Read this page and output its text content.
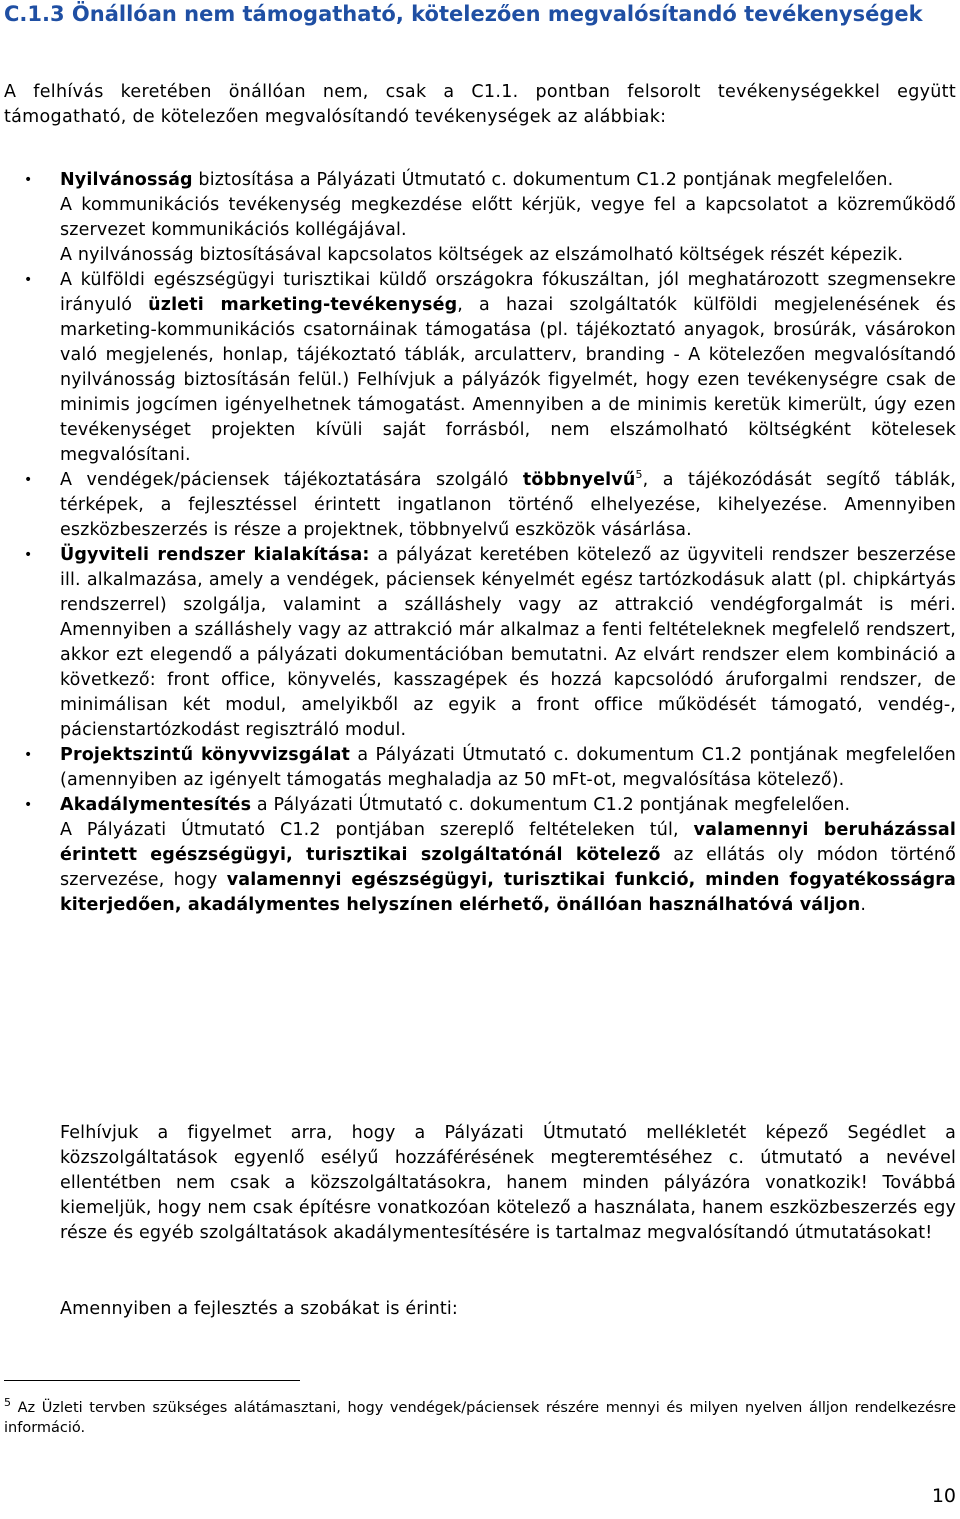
C.1.3 Önállóan nem támogatható, kötelezően megvalósítandó tevékenységek

A felhívás keretében önállóan nem, csak a C1.1. pontban felsorolt tevékenységekkel együtt támogatható, de kötelezően megvalósítandó tevékenységek az alábbiak:

• Nyilvánosság biztosítása a Pályázati Útmutató c. dokumentum C1.2 pontjának megfelelően.

A kommunikációs tevékenység megkezdése előtt kérjük, vegye fel a kapcsolatot a közreműködő szervezet kommunikációs kollégájával.

A nyilvánosság biztosításával kapcsolatos költségek az elszámolható költségek részét képezik.

• A külföldi egészségügyi turisztikai küldő országokra fókuszáltan, jól meghatározott szegmensekre irányuló üzleti marketing-tevékenység, a hazai szolgáltatók külföldi megjelenésének és marketing-kommunikációs csatornáinak támogatása (pl. tájékoztató anyagok, brosúrák, vásárokon való megjelenés, honlap, tájékoztató táblák, arculatterv, branding - A kötelezően megvalósítandó nyilvánosság biztosításán felül.) Felhívjuk a pályázók figyelmét, hogy ezen tevékenységre csak de minimis jogcímen igényelhetnek támogatást. Amennyiben a de minimis keretük kimerült, úgy ezen tevékenységet projekten kívüli saját forrásból, nem elszámolható költségként kötelesek megvalósítani.

• A vendégek/páciensek tájékoztatására szolgáló többnyelvű$^5$, a tájékozódását segítő táblák, térképek, a fejlesztéssel érintett ingatlanon történő elhelyezése, kihelyezése. Amennyiben eszközbeszerzés is része a projektnek, többnyelvű eszközök vásárlása.

• Ügyviteli rendszer kialakítása: a pályázat keretében kötelező az ügyviteli rendszer beszerzése ill. alkalmazása, amely a vendégek, páciensek kényelmét egész tartózkodásuk alatt (pl. chipkártyás rendszerrel) szolgálja, valamint a szálláshely vagy az attrakció vendégforgalmát is méri. Amennyiben a szálláshely vagy az attrakció már alkalmaz a fenti feltételeknek megfelelő rendszert, akkor ezt elegendő a pályázati dokumentációban bemutatni. Az elvárt rendszer elem kombináció a következő: front office, könyvelés, kasszagépek és hozzá kapcsolódó áruforgalmi rendszer, de minimálisan két modul, amelyikből az egyik a front office működését támogató, vendég-, pácienstartózkodást regisztráló modul.

• Projektszintű könyvvizsgálat a Pályázati Útmutató c. dokumentum C1.2 pontjának megfelelően (amennyiben az igényelt támogatás meghaladja az 50 mFt-ot, megvalósítása kötelező).

• Akadálymentesítés a Pályázati Útmutató c. dokumentum C1.2 pontjának megfelelően.

A Pályázati Útmutató C1.2 pontjában szereplő feltételeken túl, valamennyi beruházással érintett egészségügyi, turisztikai szolgáltatónál kötelező az ellátás oly módon történő szervezése, hogy valamennyi egészségügyi, turisztikai funkció, minden fogyatékosságra kiterjedően, akadálymentes helyszínen elérhető, önállóan használhatóvá váljon.

Felhívjuk a figyelmet arra, hogy a Pályázati Útmutató mellékletét képező Segédlet a közszolgáltatások egyenlő esélyű hozzáférésének megteremtéséhez c. útmutató a nevével ellentétben nem csak a közszolgáltatásokra, hanem minden pályázóra vonatkozik! Továbbá kiemeljük, hogy nem csak építésre vonatkozóan kötelező a használata, hanem eszközbeszerzés egy része és egyéb szolgáltatások akadálymentesítésére is tartalmaz megvalósítandó útmutatásokat!

Amennyiben a fejlesztés a szobákat is érinti:

$^5$ Az Üzleti tervben szükséges alátámasztani, hogy vendégek/páciensek részére mennyi és milyen nyelven álljon rendelkezésre információ.

10
